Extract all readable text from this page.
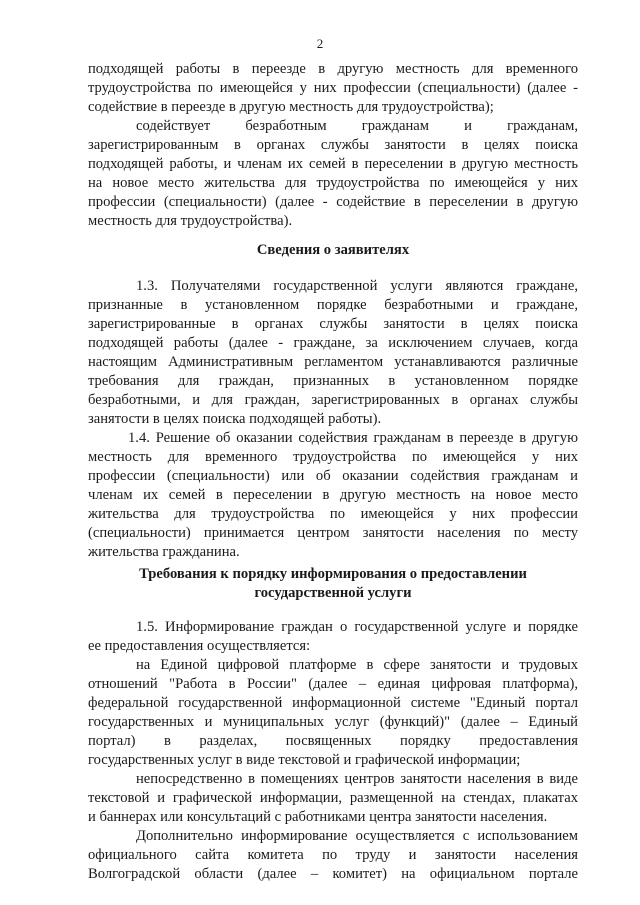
2
подходящей работы в переезде в другую местность для временного
трудоустройства по имеющейся у них профессии (специальности) (далее -
содействие в переезде в другую местность для трудоустройства);
содействует безработным гражданам и гражданам,
зарегистрированным в органах службы занятости в целях поиска
подходящей работы, и членам их семей в переселении в другую местность
на новое место жительства для трудоустройства по имеющейся у них
профессии (специальности) (далее - содействие в переселении в другую
местность для трудоустройства).
Сведения о заявителях
1.3. Получателями государственной услуги являются граждане,
признанные в установленном порядке безработными и граждане,
зарегистрированные в органах службы занятости в целях поиска
подходящей работы (далее - граждане, за исключением случаев, когда
настоящим Административным регламентом устанавливаются различные
требования для граждан, признанных в установленном порядке
безработными, и для граждан, зарегистрированных в органах службы
занятости в целях поиска подходящей работы).
1.4. Решение об оказании содействия гражданам в переезде в другую
местность для временного трудоустройства по имеющейся у них
профессии (специальности) или об оказании содействия гражданам и
членам их семей в переселении в другую местность на новое место
жительства для трудоустройства по имеющейся у них профессии
(специальности) принимается центром занятости населения по месту
жительства гражданина.
Требования к порядку информирования о предоставлении
государственной услуги
1.5. Информирование граждан о государственной услуге и порядке
ее предоставления осуществляется:
на Единой цифровой платформе в сфере занятости и трудовых
отношений "Работа в России" (далее – единая цифровая платформа),
федеральной государственной информационной системе "Единый портал
государственных и муниципальных услуг (функций)" (далее – Единый
портал) в разделах, посвященных порядку предоставления
государственных услуг в виде текстовой и графической информации;
непосредственно в помещениях центров занятости населения в виде
текстовой и графической информации, размещенной на стендах, плакатах
и баннерах или консультаций с работниками центра занятости населения.
Дополнительно информирование осуществляется с использованием
официального сайта комитета по труду и занятости населения
Волгоградской области (далее – комитет) на официальном портале
